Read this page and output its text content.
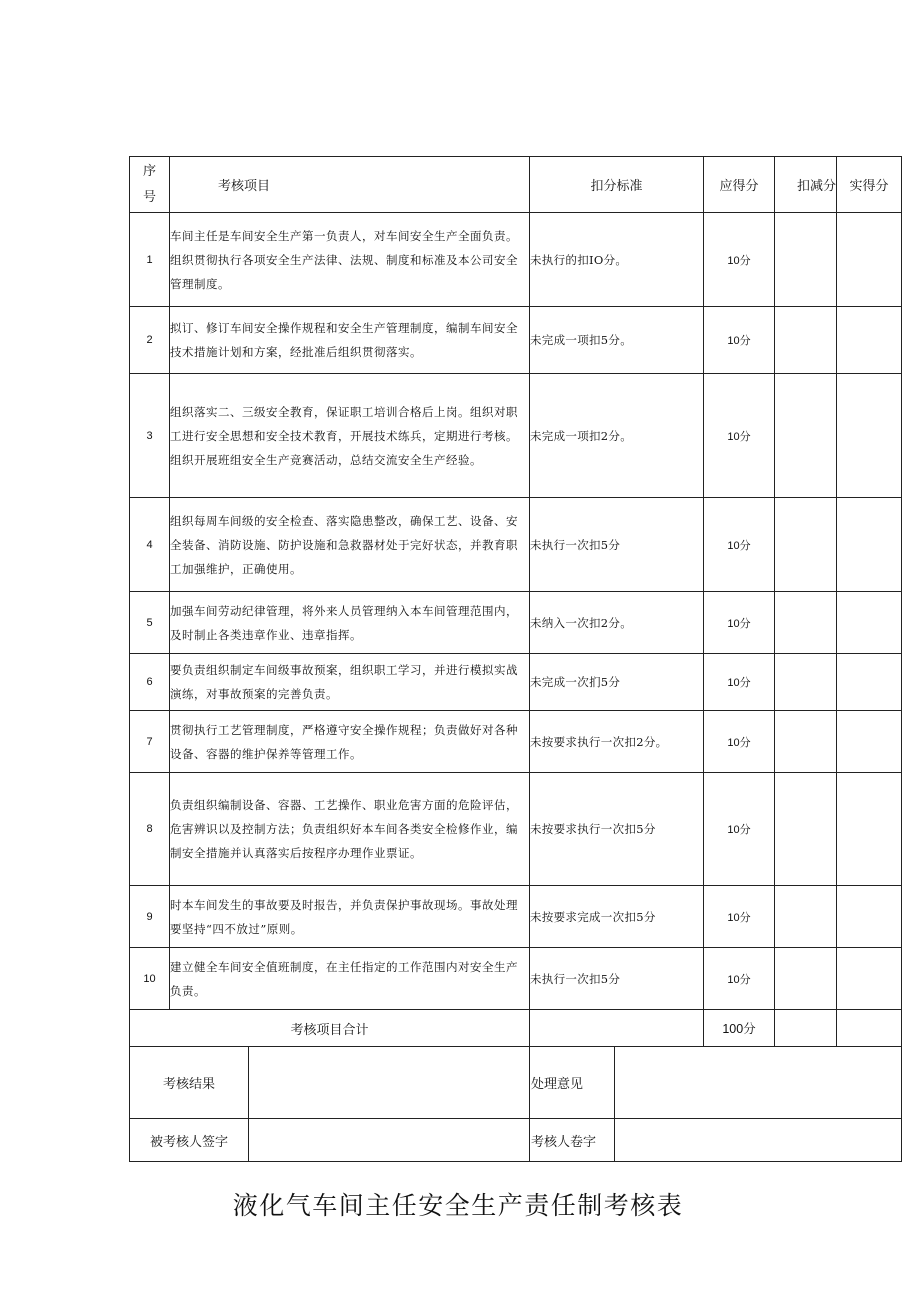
序号	考核项目	扣分标准	应得分	扣减分	实得分
1	车间主任是车间安全生产第一负责人，对车间安全生产全面负责。组织贯彻执行各项安全生产法律、法规、制度和标准及本公司安全管理制度。	未执行的扣IO分。	10分		
2	拟订、修订车间安全操作规程和安全生产管理制度，编制车间安全技术措施计划和方案，经批准后组织贯彻落实。	未完成一项扣5分。	10分		
3	组织落实二、三级安全教育，保证职工培训合格后上岗。组织对职工进行安全思想和安全技术教育，开展技术练兵，定期进行考核。组织开展班组安全生产竞赛活动，总结交流安全生产经验。	未完成一项扣2分。	10分		
4	组织每周车间级的安全检查、落实隐患整改，确保工艺、设备、安全装备、消防设施、防护设施和急救器材处于完好状态，并教育职工加强维护，正确使用。	未执行一次扣5分	10分		
5	加强车间劳动纪律管理，将外来人员管理纳入本车间管理范围内，及时制止各类违章作业、违章指挥。	未纳入一次扣2分。	10分		
6	要负责组织制定车间级事故预案，组织职工学习，并进行模拟实战演练，对事故预案的完善负责。	未完成一次扪5分	10分		
7	贯彻执行工艺管理制度，严格遵守安全操作规程；负责做好对各种设备、容器的维护保养等管理工作。	未按要求执行一次扣2分。	10分		
8	负责组织编制设备、容器、工艺操作、职业危害方面的危险评估，危害辨识以及控制方法；负责组织好本车间各类安全检修作业，编制安全措施并认真落实后按程序办理作业票证。	未按要求执行一次扣5分	10分		
9	时本车间发生的事故要及时报告，并负责保护事故现场。事故处理要坚持“四不放过”原则。	未按要求完成一次扣5分	10分		
10	建立健全车间安全值班制度，在主任指定的工作范围内对安全生产负责。	未执行一次扣5分	10分		
考核项目合计			100分		
考核结果		处理意见	
被考核人签字		考核人卷字	
液化气车间主任安全生产责任制考核表
